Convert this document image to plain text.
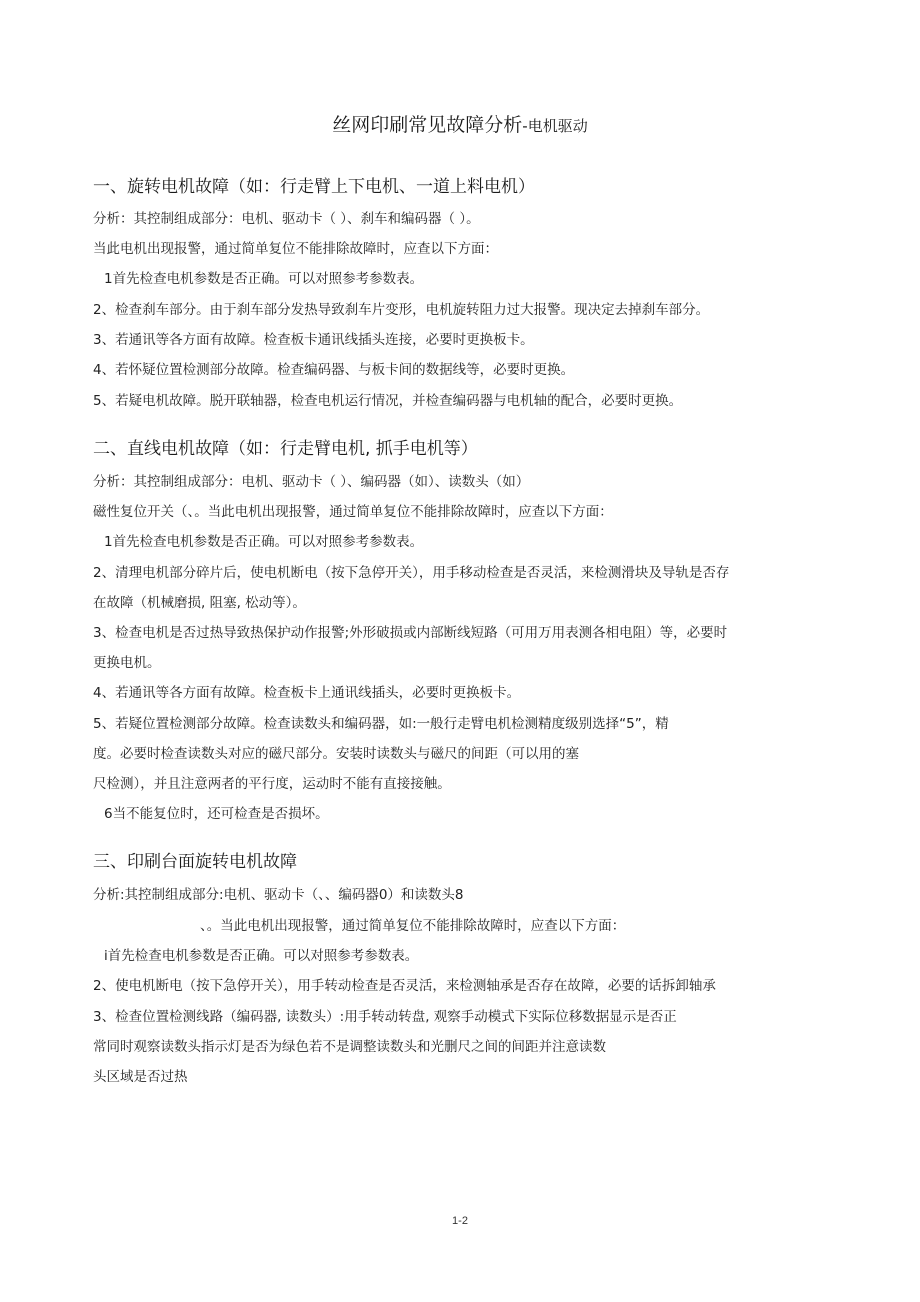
丝网印刷常见故障分析-电机驱动
一、旋转电机故障（如：行走臂上下电机、一道上料电机）
分析：其控制组成部分：电机、驱动卡（ ）、刹车和编码器（ ）。
当此电机出现报警，通过简单复位不能排除故障时，应查以下方面：
1首先检查电机参数是否正确。可以对照参考参数表。
2、检查刹车部分。由于刹车部分发热导致刹车片变形，电机旋转阻力过大报警。现决定去掉刹车部分。
3、若通讯等各方面有故障。检查板卡通讯线插头连接，必要时更换板卡。
4、若怀疑位置检测部分故障。检查编码器、与板卡间的数据线等，必要时更换。
5、若疑电机故障。脱开联轴器，检查电机运行情况，并检查编码器与电机轴的配合，必要时更换。
二、直线电机故障（如：行走臂电机, 抓手电机等）
分析：其控制组成部分：电机、驱动卡（ ）、编码器（如）、读数头（如）
磁性复位开关（、。当此电机出现报警，通过简单复位不能排除故障时，应查以下方面：
1首先检查电机参数是否正确。可以对照参考参数表。
2、清理电机部分碎片后，使电机断电（按下急停开关），用手移动检查是否灵活，来检测滑块及导轨是否存
在故障（机械磨损, 阻塞, 松动等）。
3、检查电机是否过热导致热保护动作报警;外形破损或内部断线短路（可用万用表测各相电阻）等，必要时
更换电机。
4、若通讯等各方面有故障。检查板卡上通讯线插头，必要时更换板卡。
5、若疑位置检测部分故障。检查读数头和编码器，如:一般行走臂电机检测精度级别选择“5”，精
度。必要时检查读数头对应的磁尺部分。安装时读数头与磁尺的间距（可以用的塞
尺检测），并且注意两者的平行度，运动时不能有直接接触。
6当不能复位时，还可检查是否损坏。
三、印刷台面旋转电机故障
分析:其控制组成部分:电机、驱动卡（、、编码器0）和读数头8
、。当此电机出现报警，通过简单复位不能排除故障时，应查以下方面：
i首先检查电机参数是否正确。可以对照参考参数表。
2、使电机断电（按下急停开关），用手转动检查是否灵活，来检测轴承是否存在故障，必要的话拆卸轴承
3、检查位置检测线路（编码器, 读数头）:用手转动转盘, 观察手动模式下实际位移数据显示是否正
常同时观察读数头指示灯是否为绿色若不是调整读数头和光删尺之间的间距并注意读数
头区域是否过热
1-2
